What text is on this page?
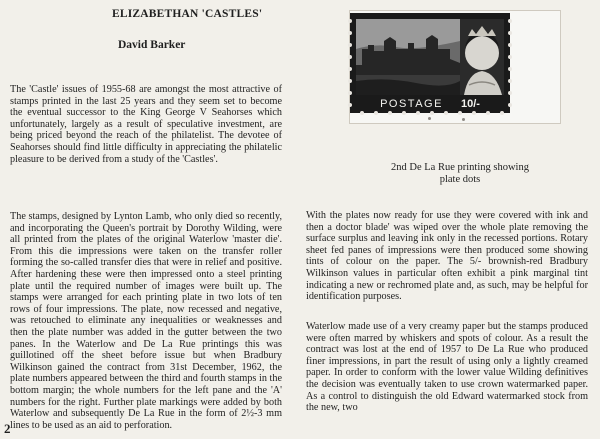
ELIZABETHAN 'CASTLES'
David Barker

The 'Castle' issues of 1955-68 are amongst the most attractive of stamps printed in the last 25 years and they seem set to become the eventual successor to the King George V Seahorses which unfortunately, largely as a result of speculative investment, are being priced beyond the reach of the philatelist. The devotee of Seahorses should find little difficulty in appreciating the philatelic pleasure to be derived from a study of the 'Castles'.

The stamps, designed by Lynton Lamb, who only died so recently, and incorporating the Queen's portrait by Dorothy Wilding, were all printed from the plates of the original Waterlow 'master die'. From this die impressions were taken on the transfer roller forming the so-called transfer dies that were in relief and positive. After hardening these were then impressed onto a steel printing plate until the required number of images were built up. The stamps were arranged for each printing plate in two lots of ten rows of four impressions. The plate, now recessed and negative, was retouched to eliminate any inequalities or weaknesses and then the plate number was added in the gutter between the two panes. In the Waterlow and De La Rue printings this was guillotined off the sheet before issue but when Bradbury Wilkinson gained the contract from 31st December, 1962, the plate numbers appeared between the third and fourth stamps in the bottom margin; the whole numbers for the left pane and the 'A' numbers for the right. Further plate markings were added by both Waterlow and subsequently De La Rue in the form of 2½-3 mm lines to be used as an aid to perforation.

POSTAGE 10/-
2nd De La Rue printing showing
plate dots

With the plates now ready for use they were covered with ink and then a doctor blade' was wiped over the whole plate removing the surface surplus and leaving ink only in the recessed portions. Rotary sheet fed panes of impressions were then produced some showing tints of colour on the paper. The 5/- brownish-red Bradbury Wilkinson values in particular often exhibit a pink marginal tint indicating a new or rechromed plate and, as such, may be helpful for identification purposes.

Waterlow made use of a very creamy paper but the stamps produced were often marred by whiskers and spots of colour. As a result the contract was lost at the end of 1957 to De La Rue who produced finer impressions, in part the result of using only a lightly creamed paper. In order to conform with the lower value Wilding definitives the decision was eventually taken to use crown watermarked paper. As a control to distinguish the old Edward watermarked stock from the new, two

2
